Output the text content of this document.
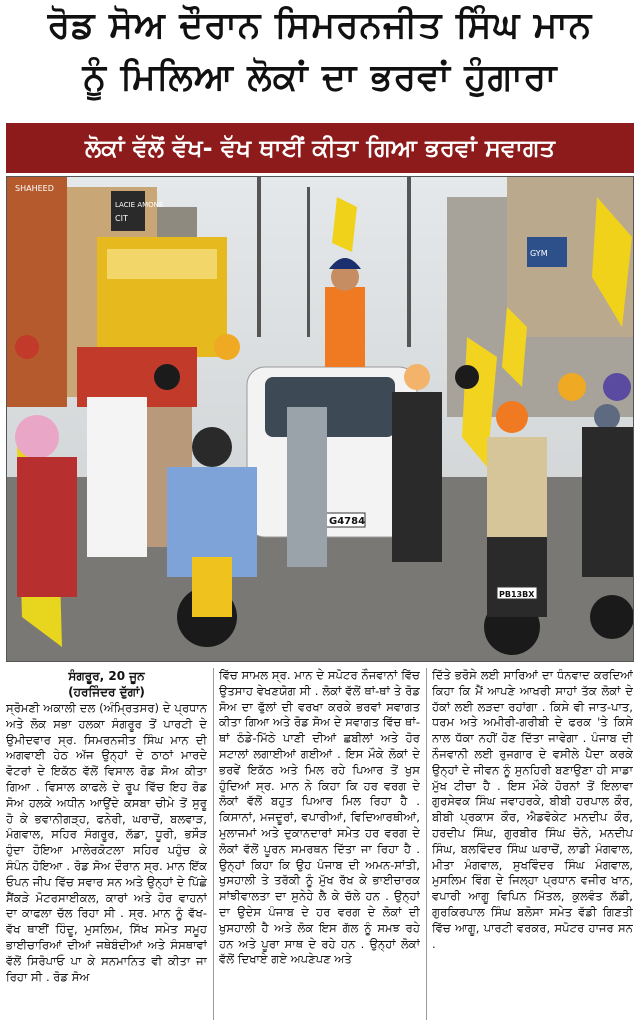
ਰੋਡ ਸੋਅ ਦੌਰਾਨ ਸਿਮਰਨਜੀਤ ਸਿੰਘ ਮਾਨ
ਨੂੰ ਮਿਲਿਆ ਲੋਕਾਂ ਦਾ ਭਰਵਾਂ ਹੁੰਗਾਰਾ
ਲੋਕਾਂ ਵੱਲੋਂ ਵੱਖ- ਵੱਖ ਥਾਈਂ ਕੀਤਾ ਗਿਆ ਭਰਵਾਂ ਸਵਾਗਤ
LACIE AMONE
CIT
GYM
G4784
PB13BX
SHAHEED
ਸੰਗਰੂਰ, 20 ਜੂਨ
(ਹਰਜਿੰਦਰ ਦੁੱਗਾਂ)
ਸ੍ਰੋਮਣੀ ਅਕਾਲੀ ਦਲ (ਅੰਮ੍ਰਿਤਸਰ) ਦੇ ਪ੍ਰਧਾਨ ਅਤੇ ਲੋਕ ਸਭਾ ਹਲਕਾ ਸੰਗਰੂਰ ਤੋਂ ਪਾਰਟੀ ਦੇ ਉਮੀਦਵਾਰ ਸ੍ਰ. ਸਿਮਰਨਜੀਤ ਸਿੰਘ ਮਾਨ ਦੀ ਅਗਵਾਈ ਹੇਠ ਅੱਜ ਉਨ੍ਹਾਂ ਦੇ ਠਾਠਾਂ ਮਾਰਦੇ ਵੋਟਰਾਂ ਦੇ ਇਕੱਠ ਵੱਲੋਂ ਵਿਸਾਲ ਰੋਡ ਸੋਅ ਕੀਤਾ ਗਿਆ . ਵਿਸਾਲ ਕਾਫਲੇ ਦੇ ਰੂਪ ਵਿੱਚ ਇਹ ਰੋਡ ਸੋਅ ਹਲਕੇ ਅਧੀਨ ਆਉਂਦੇ ਕਸਬਾ ਚੀਮੇ ਤੋਂ ਸੁਰੂ ਹੋ ਕੇ ਭਵਾਨੀਗੜ੍ਹ, ਫਨੇਰੀ, ਘਰਾਚੋਂ, ਬਲਵਾੜ, ਮੰਗਵਾਲ, ਸਹਿਰ ਸੰਗਰੂਰ, ਲੱਡਾ, ਧੂਰੀ, ਭਸੌੜ ਹੁੰਦਾ ਹੋਇਆ ਮਾਲੇਰਕੋਟਲਾ ਸਹਿਰ ਪਹੁੰਚ ਕੇ ਸੰਪੰਨ ਹੋਇਆ . ਰੋਡ ਸੋਅ ਦੌਰਾਨ ਸ੍ਰ. ਮਾਨ ਇੱਕ ਓਪਨ ਜੀਪ ਵਿੱਚ ਸਵਾਰ ਸਨ ਅਤੇ ਉਨ੍ਹਾਂ ਦੇ ਪਿੱਛੇ ਸੈਂਕੜੇ ਮੋਟਰਸਾਈਕਲ, ਕਾਰਾਂ ਅਤੇ ਹੋਰ ਵਾਹਨਾਂ ਦਾ ਕਾਫਲਾ ਚੱਲ ਰਿਹਾ ਸੀ . ਸ੍ਰ. ਮਾਨ ਨੂੰ ਵੱਖ-ਵੱਖ ਥਾਈਂ ਹਿੰਦੂ, ਮੁਸਲਿਮ, ਸਿੱਖ ਸਮੇਤ ਸਮੂਹ ਭਾਈਚਾਰਿਆਂ ਦੀਆਂ ਜਥੇਬੰਦੀਆਂ ਅਤੇ ਸੰਸਥਾਵਾਂ ਵੱਲੋਂ ਸਿਰੋਪਾਓ ਪਾ ਕੇ ਸਨਮਾਨਿਤ ਵੀ ਕੀਤਾ ਜਾ ਰਿਹਾ ਸੀ . ਰੋਡ ਸੋਅ
ਵਿੱਚ ਸਾਮਲ ਸ੍ਰ. ਮਾਨ ਦੇ ਸਪੋਟਰ ਨੌਜਵਾਨਾਂ ਵਿੱਚ ਉਤਸਾਹ ਵੇਖਣਯੋਗ ਸੀ . ਲੋਕਾਂ ਵੱਲੋਂ ਥਾਂ-ਥਾਂ ਤੇ ਰੋਡ ਸੋਅ ਦਾ ਫੁੱਲਾਂ ਦੀ ਵਰਖਾ ਕਰਕੇ ਭਰਵਾਂ ਸਵਾਗਤ ਕੀਤਾ ਗਿਆ ਅਤੇ ਰੋਡ ਸੋਅ ਦੇ ਸਵਾਗਤ ਵਿੱਚ ਥਾਂ-ਥਾਂ ਠੰਡੇ-ਮਿੱਠੇ ਪਾਣੀ ਦੀਆਂ ਛਬੀਲਾਂ ਅਤੇ ਹੋਰ ਸਟਾਲਾਂ ਲਗਾਈਆਂ ਗਈਆਂ . ਇਸ ਮੌਕੇ ਲੋਕਾਂ ਦੇ ਭਰਵੇਂ ਇਕੱਠ ਅਤੇ ਮਿਲ ਰਹੇ ਪਿਆਰ ਤੋਂ ਖੁਸ ਹੁੰਦਿਆਂ ਸ੍ਰ. ਮਾਨ ਨੇ ਕਿਹਾ ਕਿ ਹਰ ਵਰਗ ਦੇ ਲੋਕਾਂ ਵੱਲੋਂ ਬਹੁਤ ਪਿਆਰ ਮਿਲ ਰਿਹਾ ਹੈ . ਕਿਸਾਨਾਂ, ਮਜਦੂਰਾਂ, ਵਪਾਰੀਆਂ, ਵਿਦਿਆਰਥੀਆਂ, ਮੁਲਾਜਮਾਂ ਅਤੇ ਦੁਕਾਨਦਾਰਾਂ ਸਮੇਤ ਹਰ ਵਰਗ ਦੇ ਲੋਕਾਂ ਵੱਲੋਂ ਪੂਰਨ ਸਮਰਥਨ ਦਿੱਤਾ ਜਾ ਰਿਹਾ ਹੈ . ਉਨ੍ਹਾਂ ਕਿਹਾ ਕਿ ਉਹ ਪੰਜਾਬ ਦੀ ਅਮਨ-ਸਾਂਤੀ, ਖੁਸਹਾਲੀ ਤੇ ਤਰੱਕੀ ਨੂੰ ਮੁੱਖ ਰੱਖ ਕੇ ਭਾਈਚਾਰਕ ਸਾਂਝੀਵਾਲਤਾ ਦਾ ਸੁਨੇਹੇ ਲੈ ਕੇ ਚੱਲੇ ਹਨ . ਉਨ੍ਹਾਂ ਦਾ ਉਦੇਸ ਪੰਜਾਬ ਦੇ ਹਰ ਵਰਗ ਦੇ ਲੋਕਾਂ ਦੀ ਖੁਸਹਾਲੀ ਹੈ ਅਤੇ ਲੋਕ ਇਸ ਗੱਲ ਨੂੰ ਸਮਝ ਰਹੇ ਹਨ ਅਤੇ ਪੂਰਾ ਸਾਥ ਦੇ ਰਹੇ ਹਨ . ਉਨ੍ਹਾਂ ਲੋਕਾਂ ਵੱਲੋਂ ਦਿਖਾਏ ਗਏ ਅਪਣੇਪਣ ਅਤੇ
ਦਿੱਤੇ ਭਰੋਸੇ ਲਈ ਸਾਰਿਆਂ ਦਾ ਧੰਨਵਾਦ ਕਰਦਿਆਂ ਕਿਹਾ ਕਿ ਮੈਂ ਆਪਣੇ ਆਖਰੀ ਸਾਹਾਂ ਤੱਕ ਲੋਕਾਂ ਦੇ ਹੱਕਾਂ ਲਈ ਲੜਦਾ ਰਹਾਂਗਾ . ਕਿਸੇ ਵੀ ਜਾਤ-ਪਾਤ, ਧਰਮ ਅਤੇ ਅਮੀਰੀ-ਗਰੀਬੀ ਦੇ ਫਰਕ 'ਤੇ ਕਿਸੇ ਨਾਲ ਧੱਕਾ ਨਹੀਂ ਹੋਣ ਦਿੱਤਾ ਜਾਵੇਗਾ . ਪੰਜਾਬ ਦੀ ਨੌਜਵਾਨੀ ਲਈ ਰੁਜਗਾਰ ਦੇ ਵਸੀਲੇ ਪੈਦਾ ਕਰਕੇ ਉਨ੍ਹਾਂ ਦੇ ਜੀਵਨ ਨੂੰ ਸੁਨਹਿਰੀ ਬਣਾਉਣਾ ਹੀ ਸਾਡਾ ਮੁੱਖ ਟੀਚਾ ਹੈ . ਇਸ ਮੌਕੇ ਹੋਰਨਾਂ ਤੋਂ ਇਲਾਵਾ ਗੁਰਸੇਵਕ ਸਿੰਘ ਜਵਾਹਰਕੇ, ਬੀਬੀ ਹਰਪਾਲ ਕੌਰ, ਬੀਬੀ ਪ੍ਰਕਾਸ ਕੌਰ, ਐਡਵੋਕੇਟ ਮਨਦੀਪ ਕੌਰ, ਹਰਦੀਪ ਸਿੰਘ, ਗੁਰਬੀਰ ਸਿੰਘ ਚੋਨੇ, ਮਨਦੀਪ ਸਿੰਘ, ਬਲਵਿੰਦਰ ਸਿੰਘ ਘਰਾਚੋਂ, ਲਾਡੀ ਮੰਗਵਾਲ, ਮੀਤਾ ਮੰਗਵਾਲ, ਸੁਖਵਿੰਦਰ ਸਿੰਘ ਮੰਗਵਾਲ, ਮੁਸਲਿਮ ਵਿੰਗ ਦੇ ਜਿਲ੍ਹਾ ਪ੍ਰਧਾਨ ਵਜੀਰ ਖਾਨ, ਵਪਾਰੀ ਆਗੂ ਵਿਪਿਨ ਮਿੱਤਲ, ਕੁਲਵੰਤ ਲੱਡੀ, ਗੁਰਕਿਰਪਾਲ ਸਿੰਘ ਬਲੋਸਾ ਸਮੇਤ ਵੱਡੀ ਗਿਣਤੀ ਵਿੱਚ ਆਗੂ, ਪਾਰਟੀ ਵਰਕਰ, ਸਪੋਟਰ ਹਾਜਰ ਸਨ .
